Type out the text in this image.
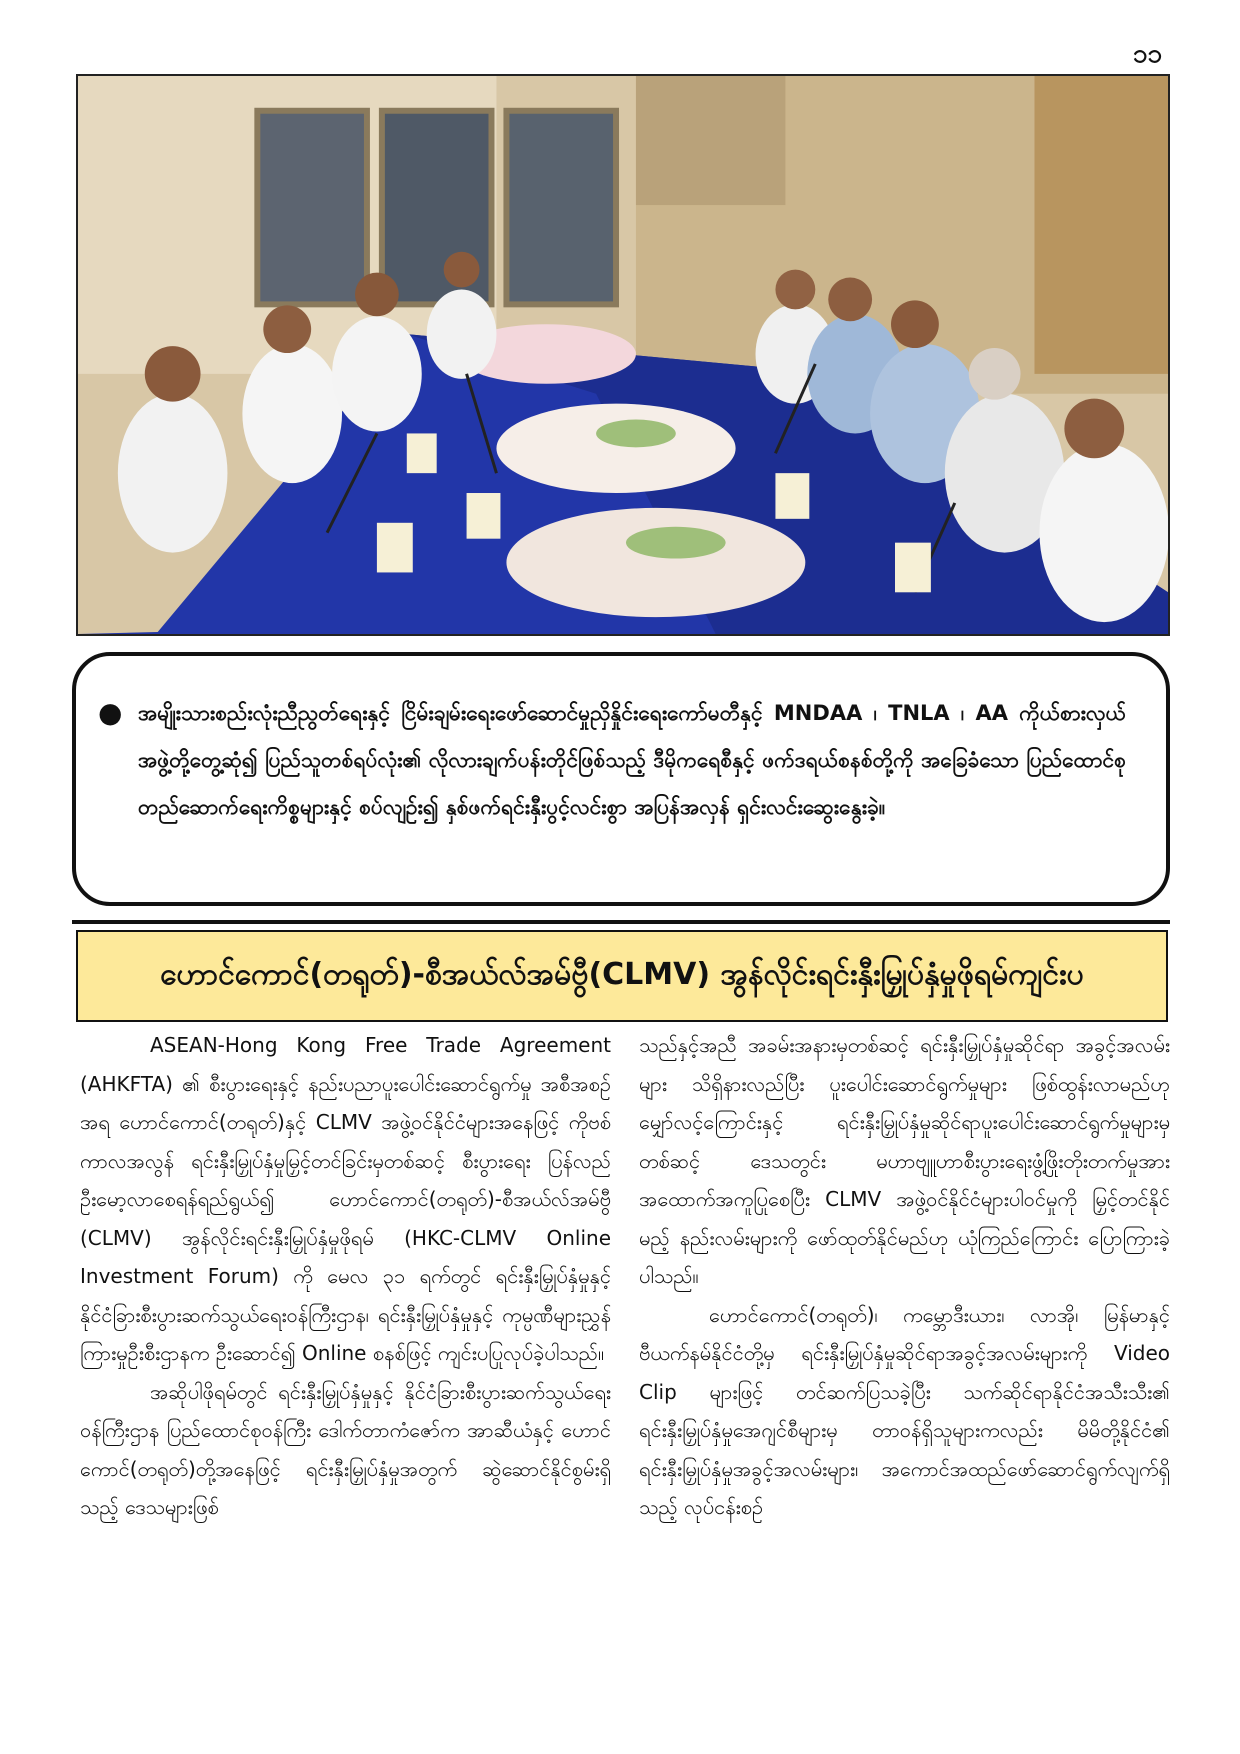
၁၁
● အမျိုးသားစည်းလုံးညီညွတ်ရေးနှင့် ငြိမ်းချမ်းရေးဖော်ဆောင်မှုညှိနှိုင်းရေးကော်မတီနှင့် MNDAA ၊ TNLA ၊ AA ကိုယ်စားလှယ်အဖွဲ့တို့တွေ့ဆုံ၍ ပြည်သူတစ်ရပ်လုံး၏ လိုလားချက်ပန်းတိုင်ဖြစ်သည့် ဒီမိုကရေစီနှင့် ဖက်ဒရယ်စနစ်တို့ကို အခြေခံသော ပြည်ထောင်စုတည်ဆောက်ရေးကိစ္စများနှင့် စပ်လျဉ်း၍ နှစ်ဖက်ရင်းနှီးပွင့်လင်းစွာ အပြန်အလှန် ရှင်းလင်းဆွေးနွေးခဲ့။
ဟောင်ကောင်(တရုတ်)-စီအယ်လ်အမ်ဗွီ(CLMV) အွန်လိုင်းရင်းနှီးမြှုပ်နှံမှုဖိုရမ်ကျင်းပ

ASEAN-Hong Kong Free Trade Agreement (AHKFTA) ၏ စီးပွားရေးနှင့် နည်းပညာပူးပေါင်းဆောင်ရွက်မှု အစီအစဉ်အရ ဟောင်ကောင်(တရုတ်)နှင့် CLMV အဖွဲ့ဝင်နိုင်ငံများအနေဖြင့် ကိုဗစ်ကာလအလွန် ရင်းနှီးမြှုပ်နှံမှုမြှင့်တင်ခြင်းမှတစ်ဆင့် စီးပွားရေး ပြန်လည်ဦးမော့လာစေရန်ရည်ရွယ်၍ ဟောင်ကောင်(တရုတ်)-စီအယ်လ်အမ်ဗွီ (CLMV) အွန်လိုင်းရင်းနှီးမြှုပ်နှံမှုဖိုရမ် (HKC-CLMV Online Investment Forum) ကို မေလ ၃၁ ရက်တွင် ရင်းနှီးမြှုပ်နှံမှုနှင့် နိုင်ငံခြားစီးပွားဆက်သွယ်ရေးဝန်ကြီးဌာန၊ ရင်းနှီးမြှုပ်နှံမှုနှင့် ကုမ္ပဏီများညွှန်ကြားမှုဦးစီးဌာနက ဦးဆောင်၍ Online စနစ်ဖြင့် ကျင်းပပြုလုပ်ခဲ့ပါသည်။

အဆိုပါဖိုရမ်တွင် ရင်းနှီးမြှုပ်နှံမှုနှင့် နိုင်ငံခြားစီးပွားဆက်သွယ်ရေးဝန်ကြီးဌာန ပြည်ထောင်စုဝန်ကြီး ဒေါက်တာကံဇော်က အာဆီယံနှင့် ဟောင်ကောင်(တရုတ်)တို့အနေဖြင့် ရင်းနှီးမြှုပ်နှံမှုအတွက် ဆွဲဆောင်နိုင်စွမ်းရှိသည့် ဒေသများဖြစ်

သည်နှင့်အညီ အခမ်းအနားမှတစ်ဆင့် ရင်းနှီးမြှုပ်နှံမှုဆိုင်ရာ အခွင့်အလမ်းများ သိရှိနားလည်ပြီး ပူးပေါင်းဆောင်ရွက်မှုများ ဖြစ်ထွန်းလာမည်ဟု မျှော်လင့်ကြောင်းနှင့် ရင်းနှီးမြှုပ်နှံမှုဆိုင်ရာပူးပေါင်းဆောင်ရွက်မှုများမှတစ်ဆင့် ဒေသတွင်း မဟာဗျူဟာစီးပွားရေးဖွံ့ဖြိုးတိုးတက်မှုအား အထောက်အကူပြုစေပြီး CLMV အဖွဲ့ဝင်နိုင်ငံများပါဝင်မှုကို မြှင့်တင်နိုင်မည့် နည်းလမ်းများကို ဖော်ထုတ်နိုင်မည်ဟု ယုံကြည်ကြောင်း ပြောကြားခဲ့ပါသည်။

ဟောင်ကောင်(တရုတ်)၊ ကမ္ဘောဒီးယား၊ လာအို၊ မြန်မာနှင့် ဗီယက်နမ်နိုင်ငံတို့မှ ရင်းနှီးမြှုပ်နှံမှုဆိုင်ရာအခွင့်အလမ်းများကို Video Clip များဖြင့် တင်ဆက်ပြသခဲ့ပြီး သက်ဆိုင်ရာနိုင်ငံအသီးသီး၏ ရင်းနှီးမြှုပ်နှံမှုအေဂျင်စီများမှ တာဝန်ရှိသူများကလည်း မိမိတို့နိုင်ငံ၏ ရင်းနှီးမြှုပ်နှံမှုအခွင့်အလမ်းများ၊ အကောင်အထည်ဖော်ဆောင်ရွက်လျက်ရှိသည့် လုပ်ငန်းစဉ်
